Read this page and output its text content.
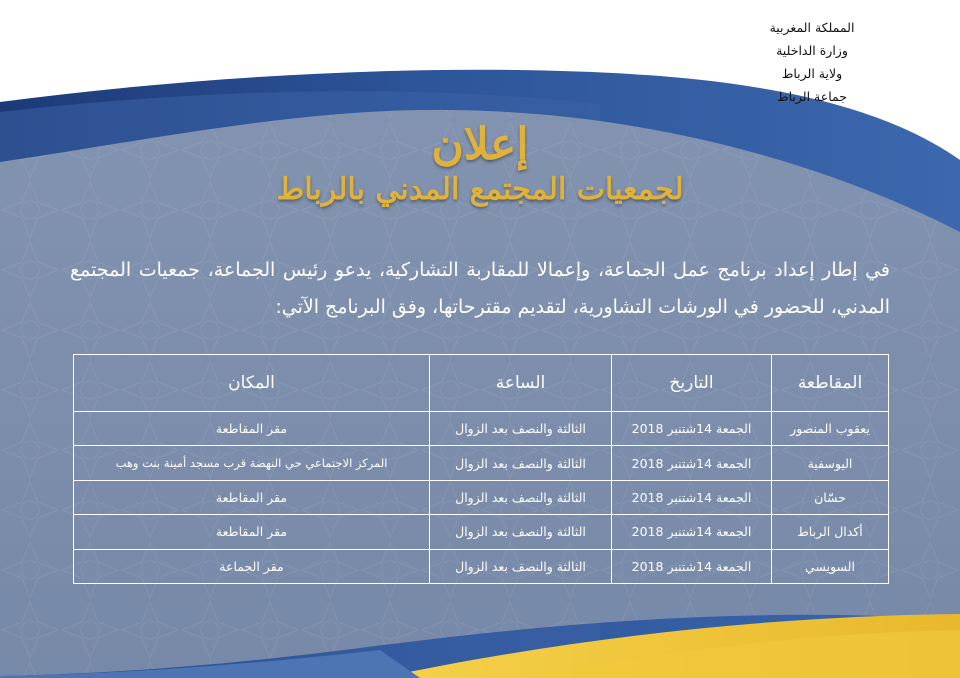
المملكة المغربية
وزارة الداخلية
ولاية الرباط
جماعة الرباط
إعلان
لجمعيات المجتمع المدني بالرباط
في إطار إعداد برنامج عمل الجماعة، وإعمالا للمقاربة التشاركية، يدعو رئيس الجماعة، جمعيات المجتمع المدني، للحضور في الورشات التشاورية، لتقديم مقترحاتها، وفق البرنامج الآتي:
المقاطعة	التاريخ	الساعة	المكان
يعقوب المنصور	الجمعة 14شتنبر 2018	الثالثة والنصف بعد الزوال	مقر المقاطعة
اليوسفية	الجمعة 14شتنبر 2018	الثالثة والنصف بعد الزوال	المركز الاجتماعي حي النهضة قرب مسجد أمينة بنت وهب
حسّان	الجمعة 14شتنبر 2018	الثالثة والنصف بعد الزوال	مقر المقاطعة
أكدال الرباط	الجمعة 14شتنبر 2018	الثالثة والنصف بعد الزوال	مقر المقاطعة
السويسي	الجمعة 14شتنبر 2018	الثالثة والنصف بعد الزوال	مقر الجماعة
